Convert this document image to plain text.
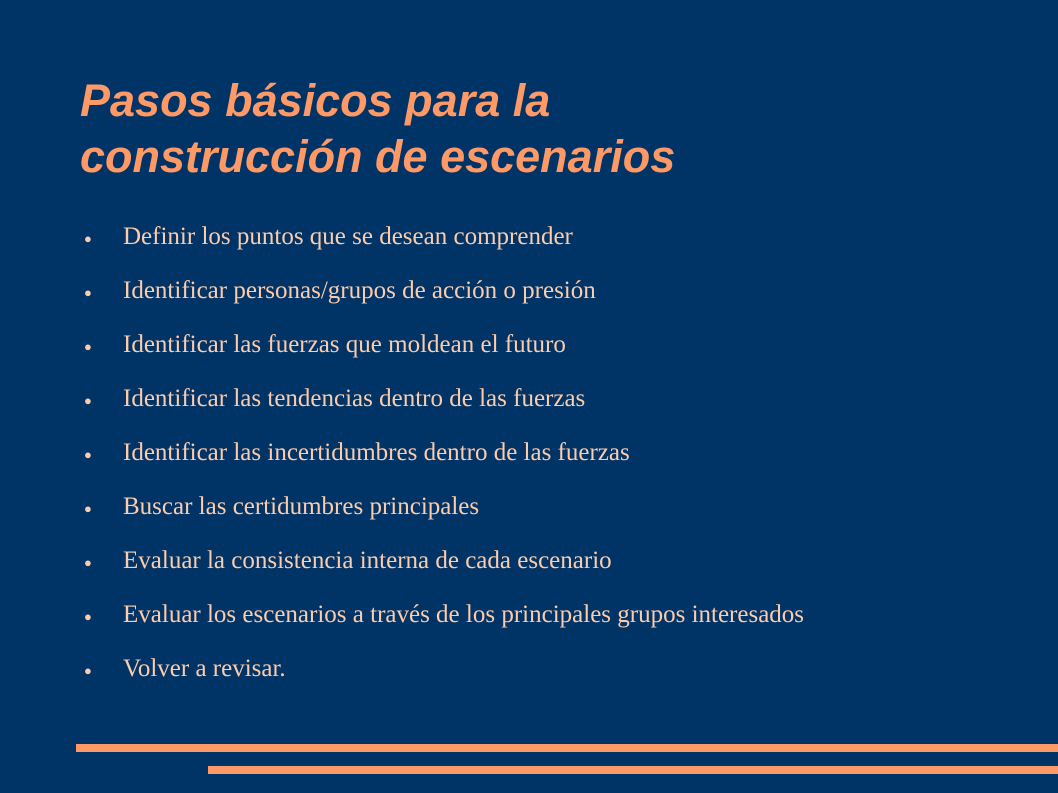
Pasos básicos para la
construcción de escenarios
●	Definir los puntos que se desean comprender
●	Identificar personas/grupos de acción o presión
●	Identificar las fuerzas que moldean el futuro
●	Identificar las tendencias dentro de las fuerzas
●	Identificar las incertidumbres dentro de las fuerzas
●	Buscar las certidumbres principales
●	Evaluar la consistencia interna de cada escenario
●	Evaluar los escenarios a través de los principales grupos interesados
●	Volver a revisar.
